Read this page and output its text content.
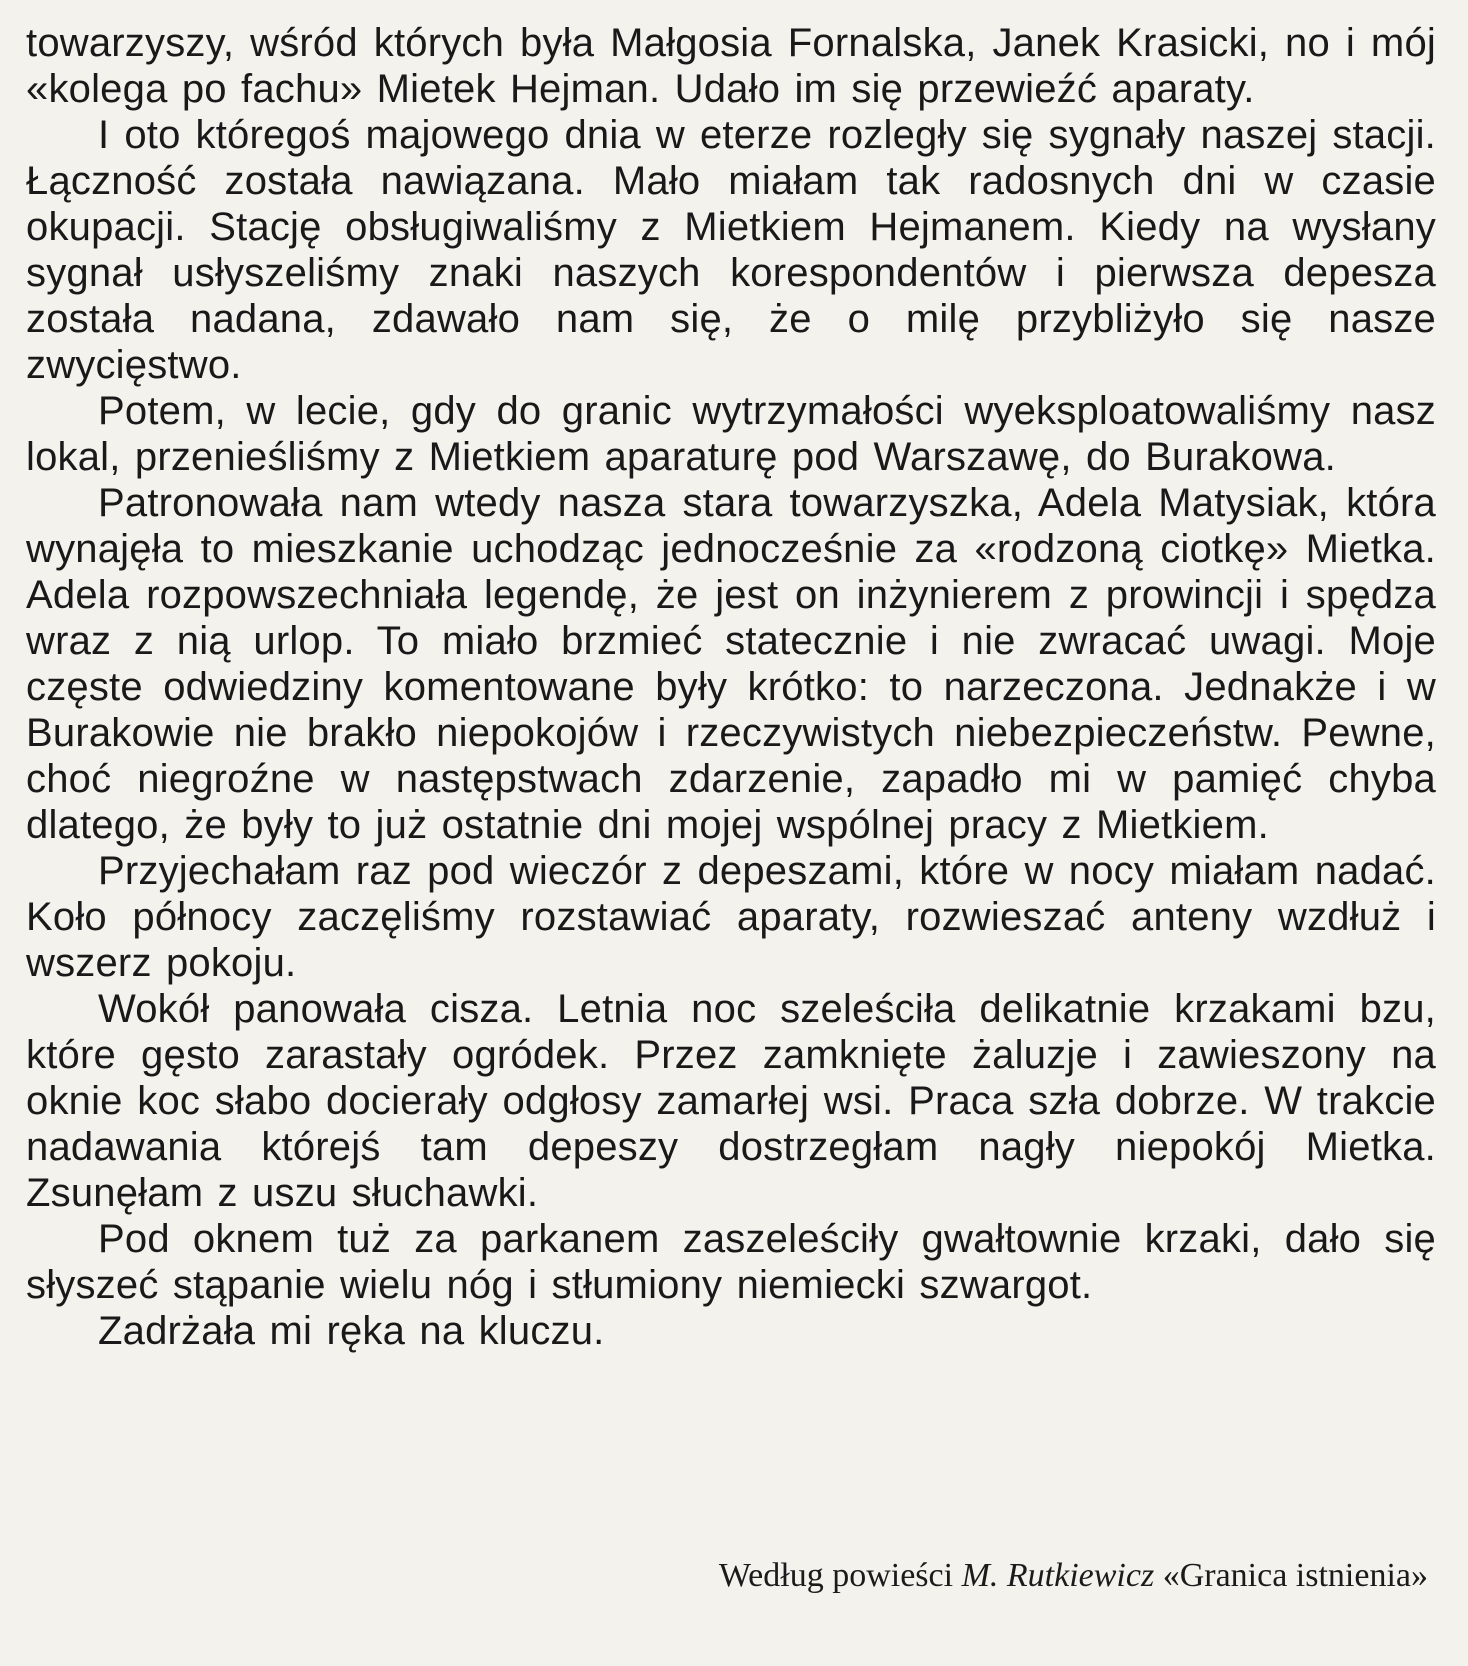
towarzyszy, wśród których była Małgosia Fornalska, Janek Krasicki, no i mój «kolega po fachu» Mietek Hejman. Udało im się przewieźć aparaty.

I oto któregoś majowego dnia w eterze rozległy się sygnały naszej stacji. Łączność została nawiązana. Mało miałam tak radosnych dni w czasie okupacji. Stację obsługiwaliśmy z Mietkiem Hejmanem. Kiedy na wysłany sygnał usłyszeliśmy znaki naszych korespondentów i pierwsza depesza została nadana, zdawało nam się, że o milę przybliżyło się nasze zwycięstwo.

Potem, w lecie, gdy do granic wytrzymałości wyeksploatowaliśmy nasz lokal, przenieśliśmy z Mietkiem aparaturę pod Warszawę, do Burakowa.

Patronowała nam wtedy nasza stara towarzyszka, Adela Matysiak, która wynajęła to mieszkanie uchodząc jednocześnie za «rodzoną ciotkę» Mietka. Adela rozpowszechniała legendę, że jest on inżynierem z prowincji i spędza wraz z nią urlop. To miało brzmieć statecznie i nie zwracać uwagi. Moje częste odwiedziny komentowane były krótko: to narzeczona. Jednakże i w Burakowie nie brakło niepokojów i rzeczywistych niebezpieczeństw. Pewne, choć niegroźne w następstwach zdarzenie, zapadło mi w pamięć chyba dlatego, że były to już ostatnie dni mojej wspólnej pracy z Mietkiem.

Przyjechałam raz pod wieczór z depeszami, które w nocy miałam nadać. Koło północy zaczęliśmy rozstawiać aparaty, rozwieszać anteny wzdłuż i wszerz pokoju.

Wokół panowała cisza. Letnia noc szeleściła delikatnie krzakami bzu, które gęsto zarastały ogródek. Przez zamknięte żaluzje i zawieszony na oknie koc słabo docierały odgłosy zamarłej wsi. Praca szła dobrze. W trakcie nadawania którejś tam depeszy dostrzegłam nagły niepokój Mietka. Zsunęłam z uszu słuchawki.

Pod oknem tuż za parkanem zaszeleściły gwałtownie krzaki, dało się słyszeć stąpanie wielu nóg i stłumiony niemiecki szwargot.

Zadrżała mi ręka na kluczu.

Według powieści M. Rutkiewicz «Granica istnienia»
